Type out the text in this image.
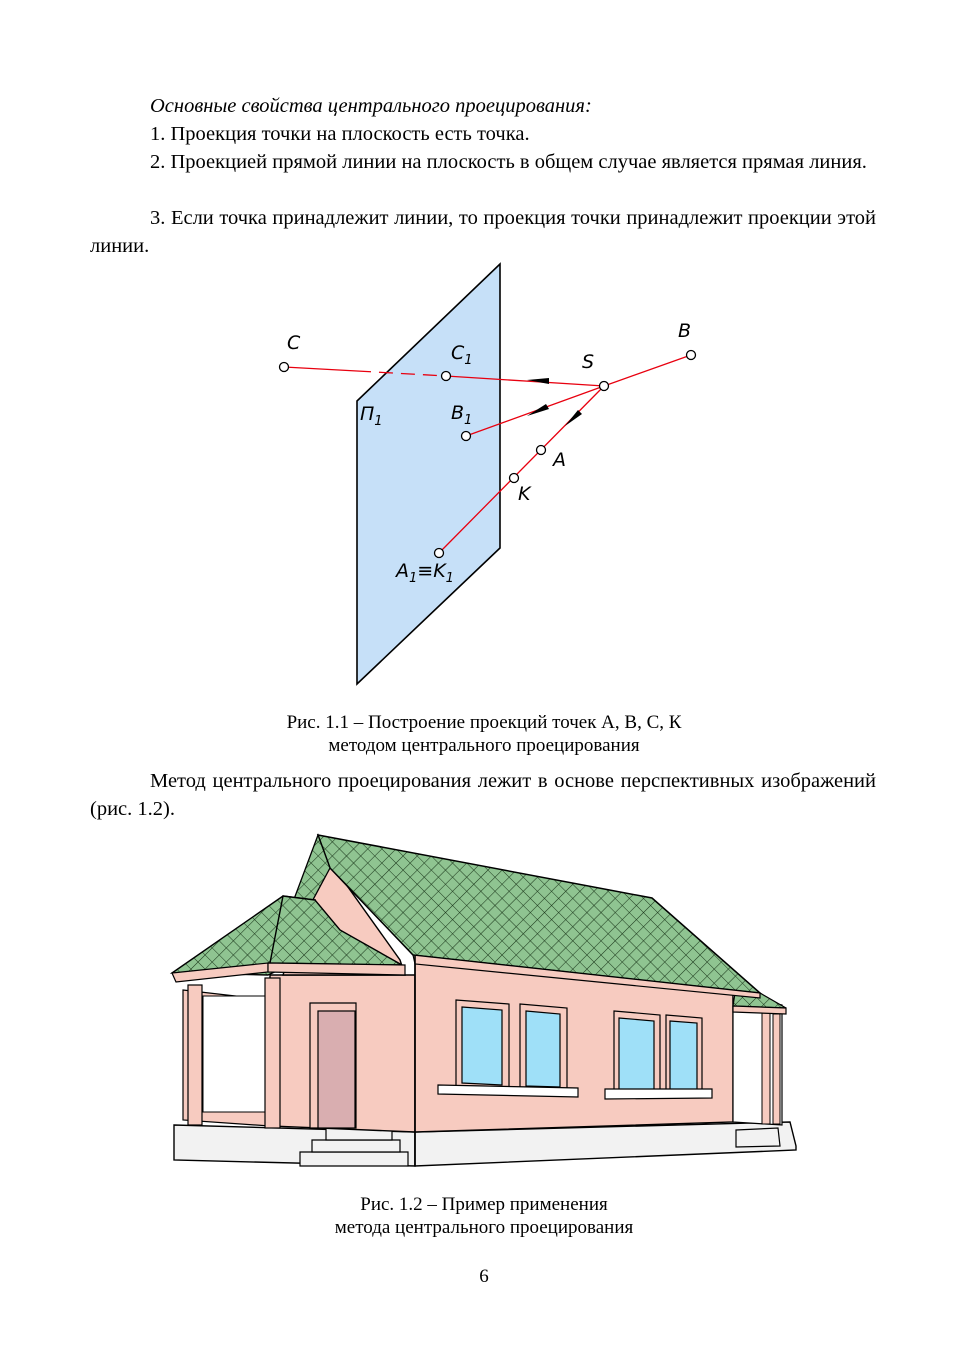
Основные свойства центрального проецирования:

1. Проекция точки на плоскость есть точка.

2. Проекцией прямой линии на плоскость в общем случае является прямая линия.

3. Если точка принадлежит линии, то проекция точки принадлежит проекции этой линии.

C	$C_1$	S
B
$B_1$
$П_1$
A
K
$A_1\equiv K_1$

Рис. 1.1 – Построение проекций точек А, В, С, К

методом центрального проецирования

Метод центрального проецирования лежит в основе перспективных изображений (рис. 1.2).

Рис. 1.2 – Пример применения

метода центрального проецирования

6
